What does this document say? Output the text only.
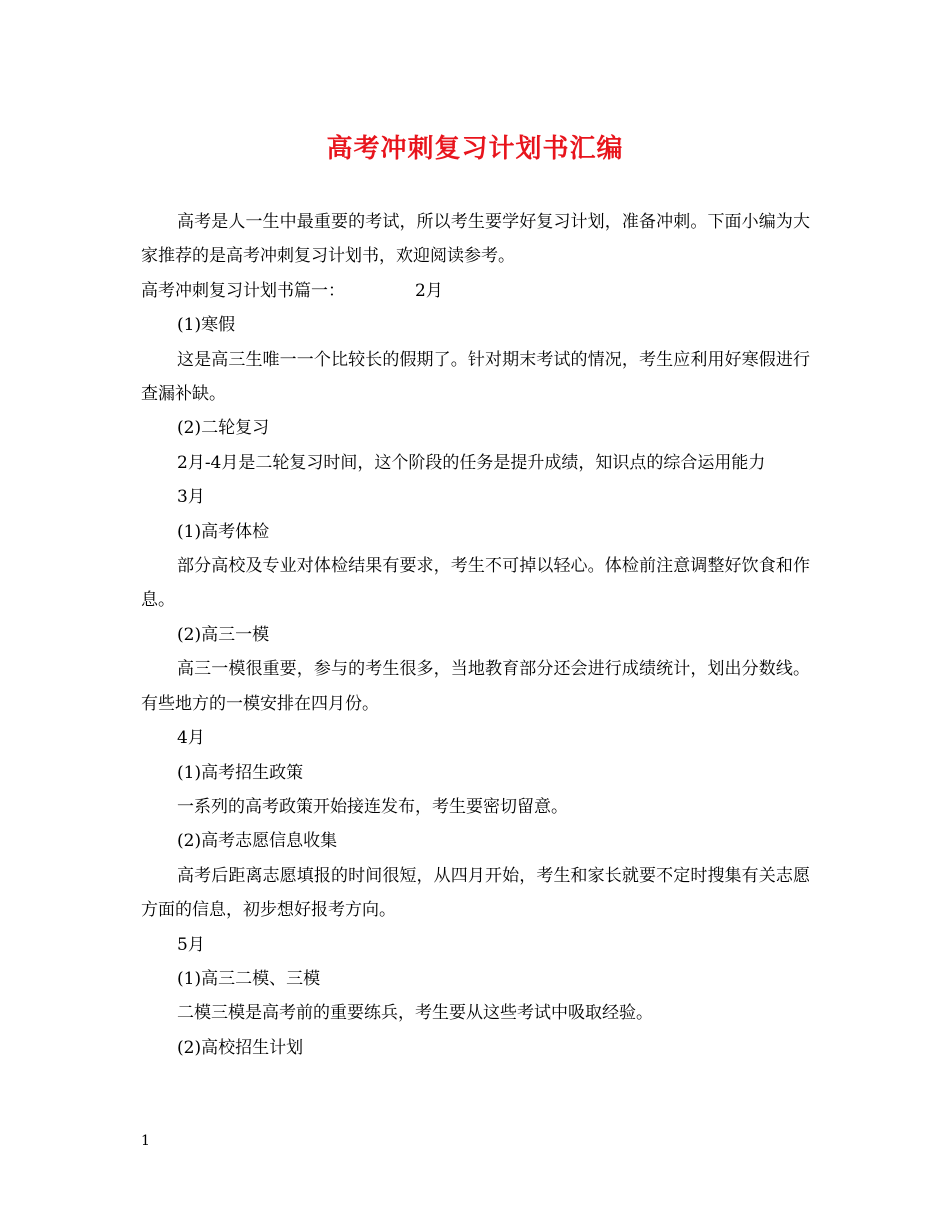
高考冲刺复习计划书汇编

高考是人一生中最重要的考试，所以考生要学好复习计划，准备冲刺。下面小编为大家推荐的是高考冲刺复习计划书，欢迎阅读参考。

高考冲刺复习计划书篇一：	2月

(1)寒假

这是高三生唯一一个比较长的假期了。针对期末考试的情况，考生应利用好寒假进行查漏补缺。

(2)二轮复习

2月-4月是二轮复习时间，这个阶段的任务是提升成绩，知识点的综合运用能力

3月

(1)高考体检

部分高校及专业对体检结果有要求，考生不可掉以轻心。体检前注意调整好饮食和作息。

(2)高三一模

高三一模很重要，参与的考生很多，当地教育部分还会进行成绩统计，划出分数线。有些地方的一模安排在四月份。

4月

(1)高考招生政策

一系列的高考政策开始接连发布，考生要密切留意。

(2)高考志愿信息收集

高考后距离志愿填报的时间很短，从四月开始，考生和家长就要不定时搜集有关志愿方面的信息，初步想好报考方向。

5月

(1)高三二模、三模

二模三模是高考前的重要练兵，考生要从这些考试中吸取经验。

(2)高校招生计划

1
